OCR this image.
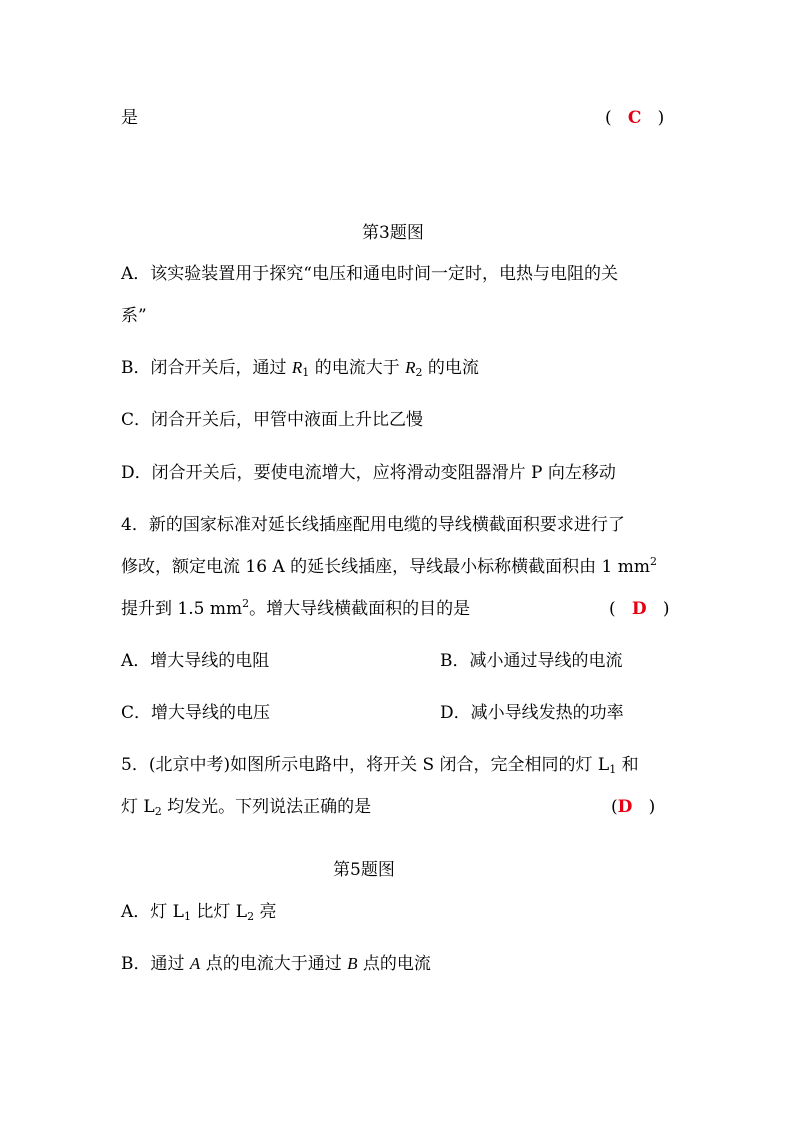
是	( C )
第3题图
A．该实验装置用于探究“电压和通电时间一定时，电热与电阻的关
系”
B．闭合开关后，通过 $R_1$ 的电流大于 $R_2$ 的电流
C．闭合开关后，甲管中液面上升比乙慢
D．闭合开关后，要使电流增大，应将滑动变阻器滑片 P 向左移动
4．新的国家标准对延长线插座配用电缆的导线横截面积要求进行了
修改，额定电流 16 A 的延长线插座，导线最小标称横截面积由 1 $mm^2$
提升到 1.5 $mm^2$。增大导线横截面积的目的是	( D )
A．增大导线的电阻	B．减小通过导线的电流
C．增大导线的电压	D．减小导线发热的功率
5．(北京中考)如图所示电路中，将开关 S 闭合，完全相同的灯 $L_1$ 和
灯 $L_2$ 均发光。下列说法正确的是	(D )
第5题图
A．灯 $L_1$ 比灯 $L_2$ 亮
B．通过 A 点的电流大于通过 B 点的电流
